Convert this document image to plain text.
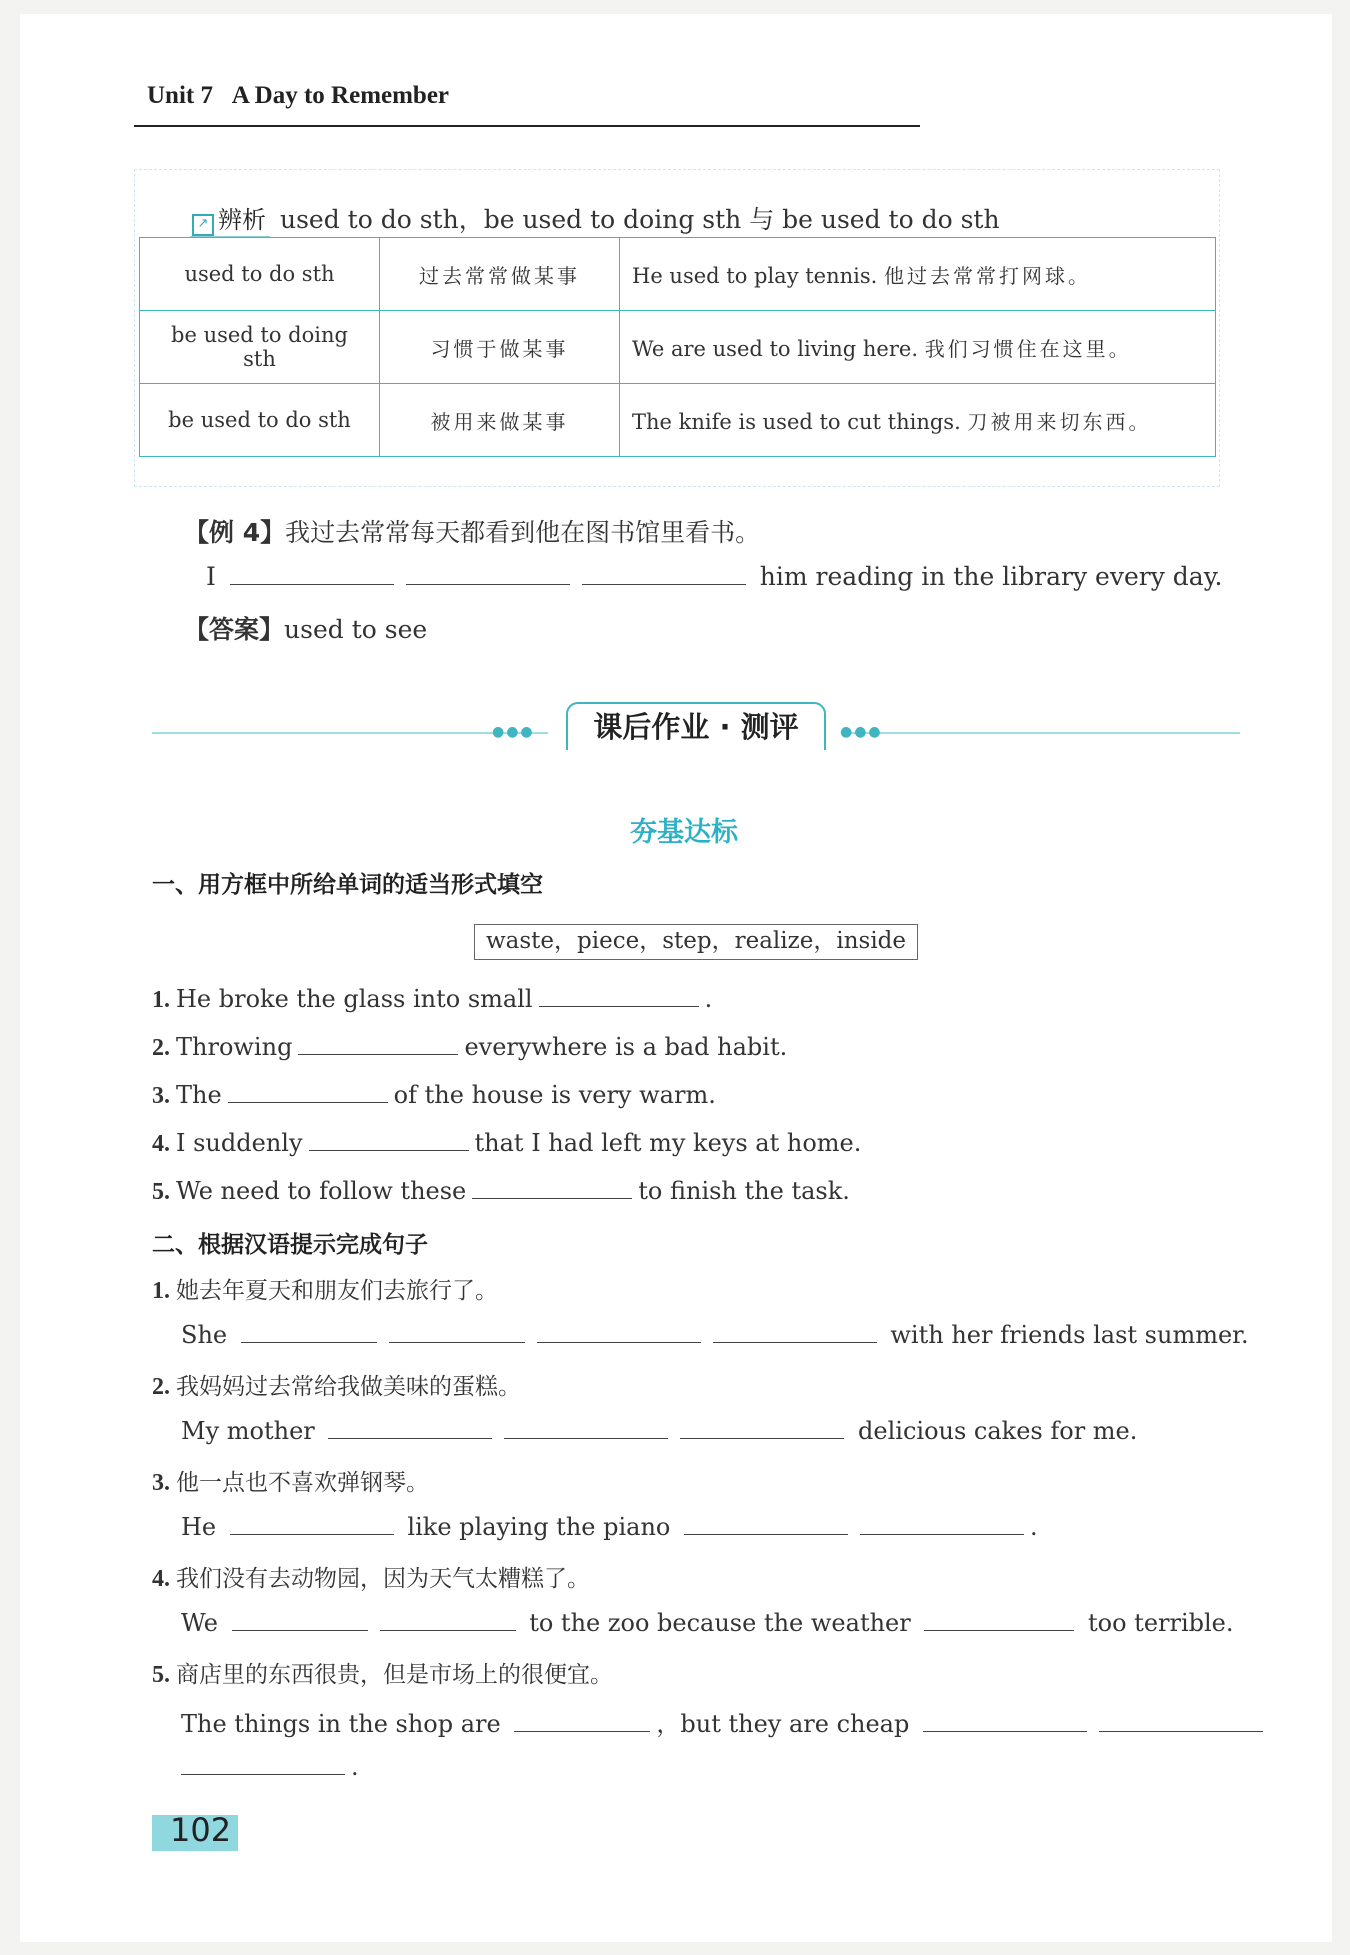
Unit 7 A Day to Remember
↗ 辨析 used to do sth，be used to doing sth 与 be used to do sth
used to do sth	过去常常做某事	He used to play tennis. 他过去常常打网球。
be used to doing sth	习惯于做某事	We are used to living here. 我们习惯住在这里。
be used to do sth	被用来做某事	The knife is used to cut things. 刀被用来切东西。
【例 4】我过去常常每天都看到他在图书馆里看书。
I	him reading in the library every day.
【答案】used to see
●●●	●●●
课后作业 · 测评
夯基达标
一、用方框中所给单词的适当形式填空
waste，piece，step，realize，inside
1. He broke the glass into small	.
2. Throwing	everywhere is a bad habit.
3. The	of the house is very warm.
4. I suddenly	that I had left my keys at home.
5. We need to follow these	to finish the task.
二、根据汉语提示完成句子
1. 她去年夏天和朋友们去旅行了。
She	with her friends last summer.
2. 我妈妈过去常给我做美味的蛋糕。
My mother	delicious cakes for me.
3. 他一点也不喜欢弹钢琴。
He	like playing the piano	.
4. 我们没有去动物园，因为天气太糟糕了。
We	to the zoo because the weather	too terrible.
5. 商店里的东西很贵，但是市场上的很便宜。
The things in the shop are	，but they are cheap
.
102
